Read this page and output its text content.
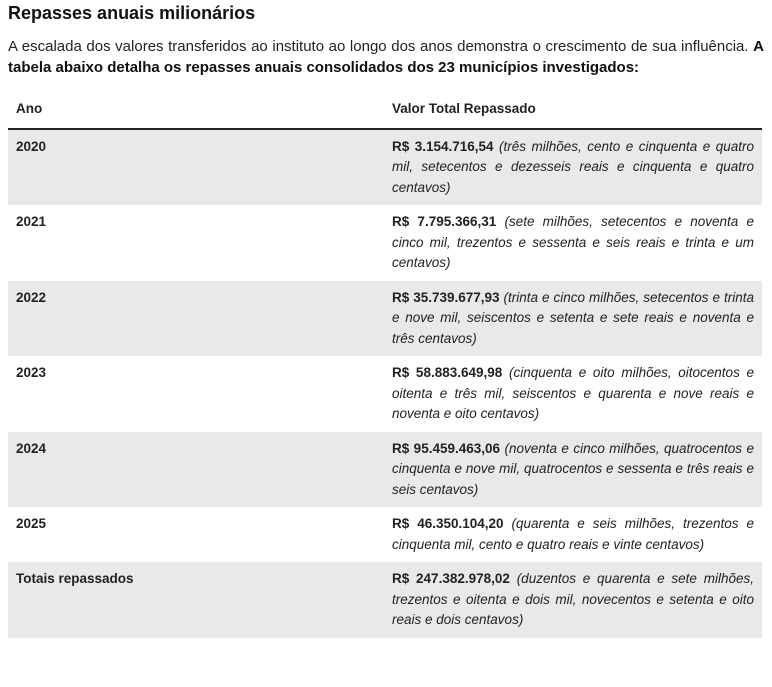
Repasses anuais milionários

A escalada dos valores transferidos ao instituto ao longo dos anos demonstra o crescimento de sua influência. A tabela abaixo detalha os repasses anuais consolidados dos 23 municípios investigados:

Ano	Valor Total Repassado
2020	R$ 3.154.716,54 (três milhões, cento e cinquenta e quatro mil, setecentos e dezesseis reais e cinquenta e quatro centavos)
2021	R$ 7.795.366,31 (sete milhões, setecentos e noventa e cinco mil, trezentos e sessenta e seis reais e trinta e um centavos)
2022	R$ 35.739.677,93 (trinta e cinco milhões, setecentos e trinta e nove mil, seiscentos e setenta e sete reais e noventa e três centavos)
2023	R$ 58.883.649,98 (cinquenta e oito milhões, oitocentos e oitenta e três mil, seiscentos e quarenta e nove reais e noventa e oito centavos)
2024	R$ 95.459.463,06 (noventa e cinco milhões, quatrocentos e cinquenta e nove mil, quatrocentos e sessenta e três reais e seis centavos)
2025	R$ 46.350.104,20 (quarenta e seis milhões, trezentos e cinquenta mil, cento e quatro reais e vinte centavos)
Totais repassados	R$ 247.382.978,02 (duzentos e quarenta e sete milhões, trezentos e oitenta e dois mil, novecentos e setenta e oito reais e dois centavos)
